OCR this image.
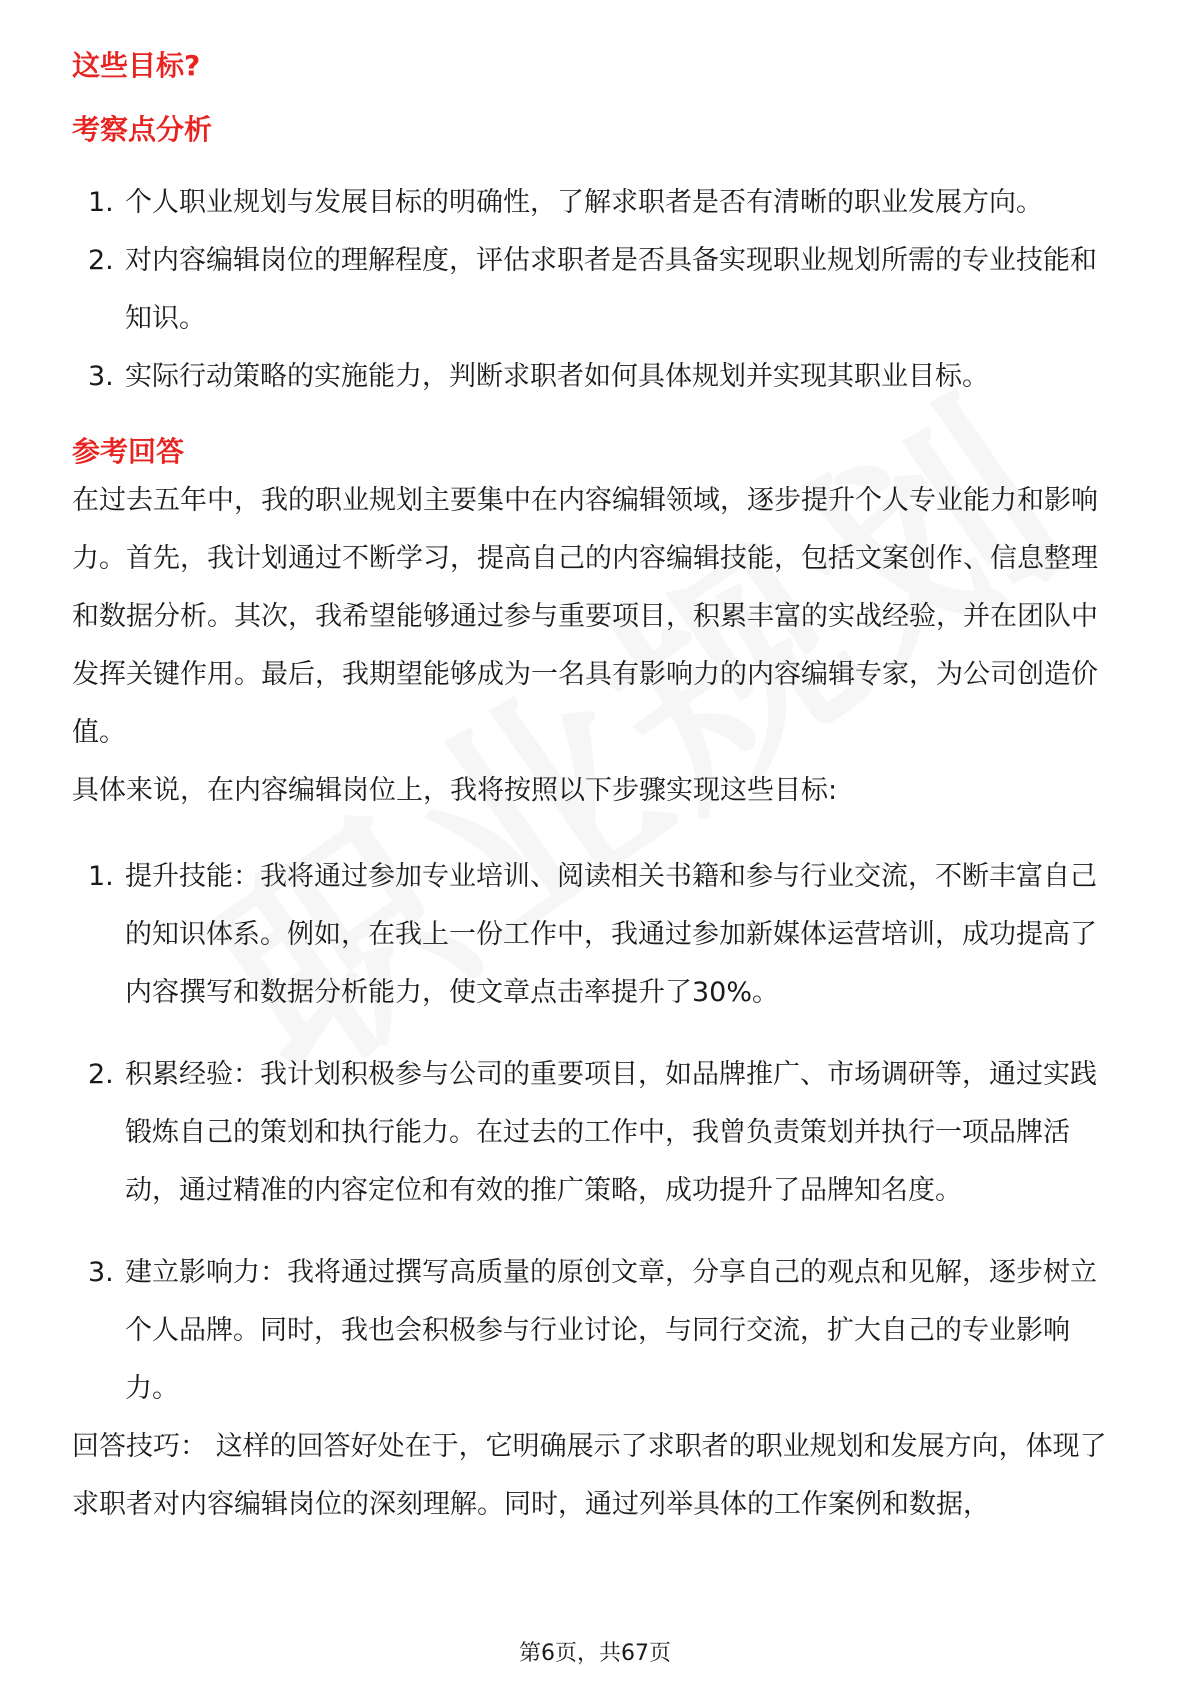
这些目标?
考察点分析
1. 个人职业规划与发展目标的明确性，了解求职者是否有清晰的职业发展方向。
2. 对内容编辑岗位的理解程度，评估求职者是否具备实现职业规划所需的专业技能和知识。
3. 实际行动策略的实施能力，判断求职者如何具体规划并实现其职业目标。
参考回答

在过去五年中，我的职业规划主要集中在内容编辑领域，逐步提升个人专业能力和影响力。首先，我计划通过不断学习，提高自己的内容编辑技能，包括文案创作、信息整理和数据分析。其次，我希望能够通过参与重要项目，积累丰富的实战经验，并在团队中发挥关键作用。最后，我期望能够成为一名具有影响力的内容编辑专家，为公司创造价值。

具体来说，在内容编辑岗位上，我将按照以下步骤实现这些目标:

1. 提升技能：我将通过参加专业培训、阅读相关书籍和参与行业交流，不断丰富自己的知识体系。例如，在我上一份工作中，我通过参加新媒体运营培训，成功提高了内容撰写和数据分析能力，使文章点击率提升了30%。
2. 积累经验：我计划积极参与公司的重要项目，如品牌推广、市场调研等，通过实践锻炼自己的策划和执行能力。在过去的工作中，我曾负责策划并执行一项品牌活动，通过精准的内容定位和有效的推广策略，成功提升了品牌知名度。
3. 建立影响力：我将通过撰写高质量的原创文章，分享自己的观点和见解，逐步树立个人品牌。同时，我也会积极参与行业讨论，与同行交流，扩大自己的专业影响力。

回答技巧： 这样的回答好处在于，它明确展示了求职者的职业规划和发展方向，体现了求职者对内容编辑岗位的深刻理解。同时，通过列举具体的工作案例和数据，

第6页，共67页
